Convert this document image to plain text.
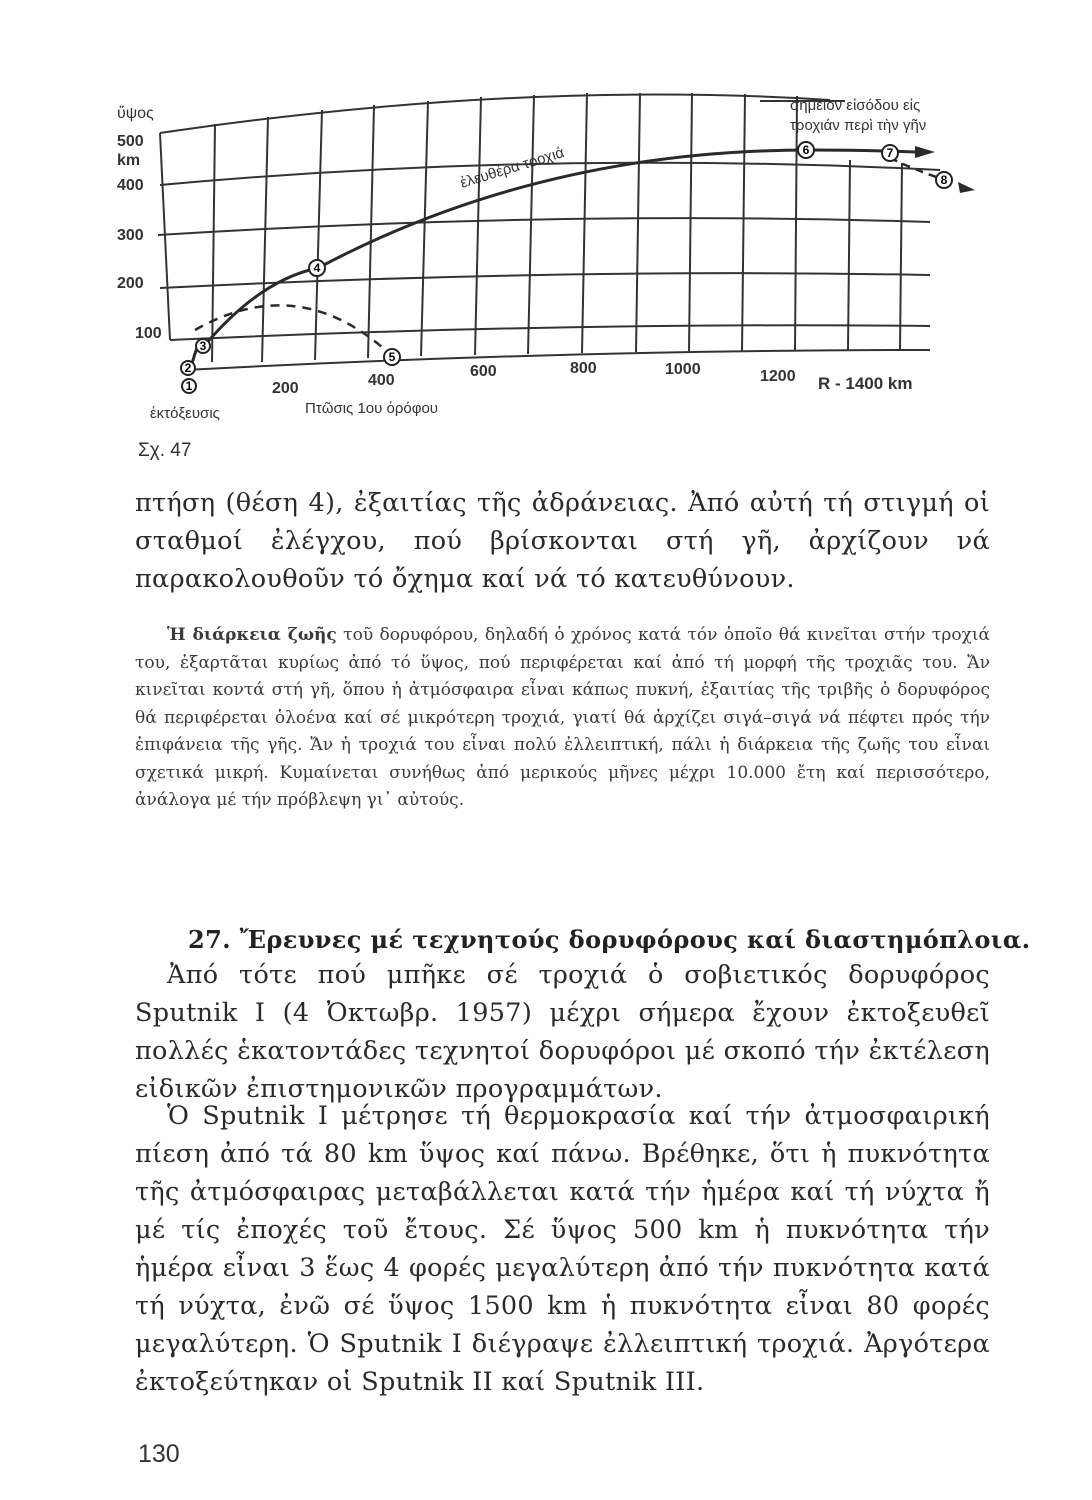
1
2
3
4
5
6	7
8
ὕψος
500
km
400
300
200
100
200	400
600	800	1000	1200 R - 1400 km
ἐκτόξευσις	Πτῶσις 1ου ὀρόφου
ἐλευθέρα τροχιά
σημεῖον εἰσόδου εἰς
τροχιάν περὶ τὴν γῆν

Σχ. 47

πτήση (θέση 4), ἐξαιτίας τῆς ἀδράνειας. Ἀπό αὐτή τή στιγμή οἱ σταθμοί ἐλέγχου, πού βρίσκονται στή γῆ, ἀρχίζουν νά παρακολουθοῦν τό ὄχημα καί νά τό κατευθύνουν.

Ἡ διάρκεια ζωῆς τοῦ δορυφόρου, δηλαδή ὁ χρόνος κατά τόν ὁποῖο θά κινεῖται στήν τροχιά του, ἐξαρτᾶται κυρίως ἀπό τό ὕψος, πού περιφέρεται καί ἀπό τή μορφή τῆς τροχιᾶς του. Ἄν κινεῖται κοντά στή γῆ, ὅπου ἡ ἀτμόσφαιρα εἶναι κάπως πυκνή, ἐξαιτίας τῆς τριβῆς ὁ δορυφόρος θά περιφέρεται ὁλοένα καί σέ μικρότερη τροχιά, γιατί θά ἀρχίζει σιγά–σιγά νά πέφτει πρός τήν ἐπιφάνεια τῆς γῆς. Ἄν ἡ τροχιά του εἶναι πολύ ἐλλειπτική, πάλι ἡ διάρκεια τῆς ζωῆς του εἶναι σχετικά μικρή. Κυμαίνεται συνήθως ἀπό μερικούς μῆνες μέχρι 10.000 ἔτη καί περισσότερο, ἀνάλογα μέ τήν πρόβλεψη γι᾽ αὐτούς.

27. Ἔρευνες μέ τεχνητούς δορυφόρους καί διαστημόπλοια.

Ἀπό τότε πού μπῆκε σέ τροχιά ὁ σοβιετικός δορυφόρος Sputnik I (4 Ὀκτωβρ. 1957) μέχρι σήμερα ἔχουν ἐκτοξευθεῖ πολλές ἑκατοντάδες τεχνητοί δορυφόροι μέ σκοπό τήν ἐκτέλεση εἰδικῶν ἐπιστημονικῶν προγραμμάτων.

Ὁ Sputnik I μέτρησε τή θερμοκρασία καί τήν ἀτμοσφαιρική πίεση ἀπό τά 80 km ὕψος καί πάνω. Βρέθηκε, ὅτι ἡ πυκνότητα τῆς ἀτμόσφαιρας μεταβάλλεται κατά τήν ἡμέρα καί τή νύχτα ἤ μέ τίς ἐποχές τοῦ ἔτους. Σέ ὕψος 500 km ἡ πυκνότητα τήν ἡμέρα εἶναι 3 ἕως 4 φορές μεγαλύτερη ἀπό τήν πυκνότητα κατά τή νύχτα, ἐνῶ σέ ὕψος 1500 km ἡ πυκνότητα εἶναι 80 φορές μεγαλύτερη. Ὁ Sputnik I διέγραψε ἐλλειπτική τροχιά. Ἀργότερα ἐκτοξεύτηκαν οἱ Sputnik II καί Sputnik III.

130
